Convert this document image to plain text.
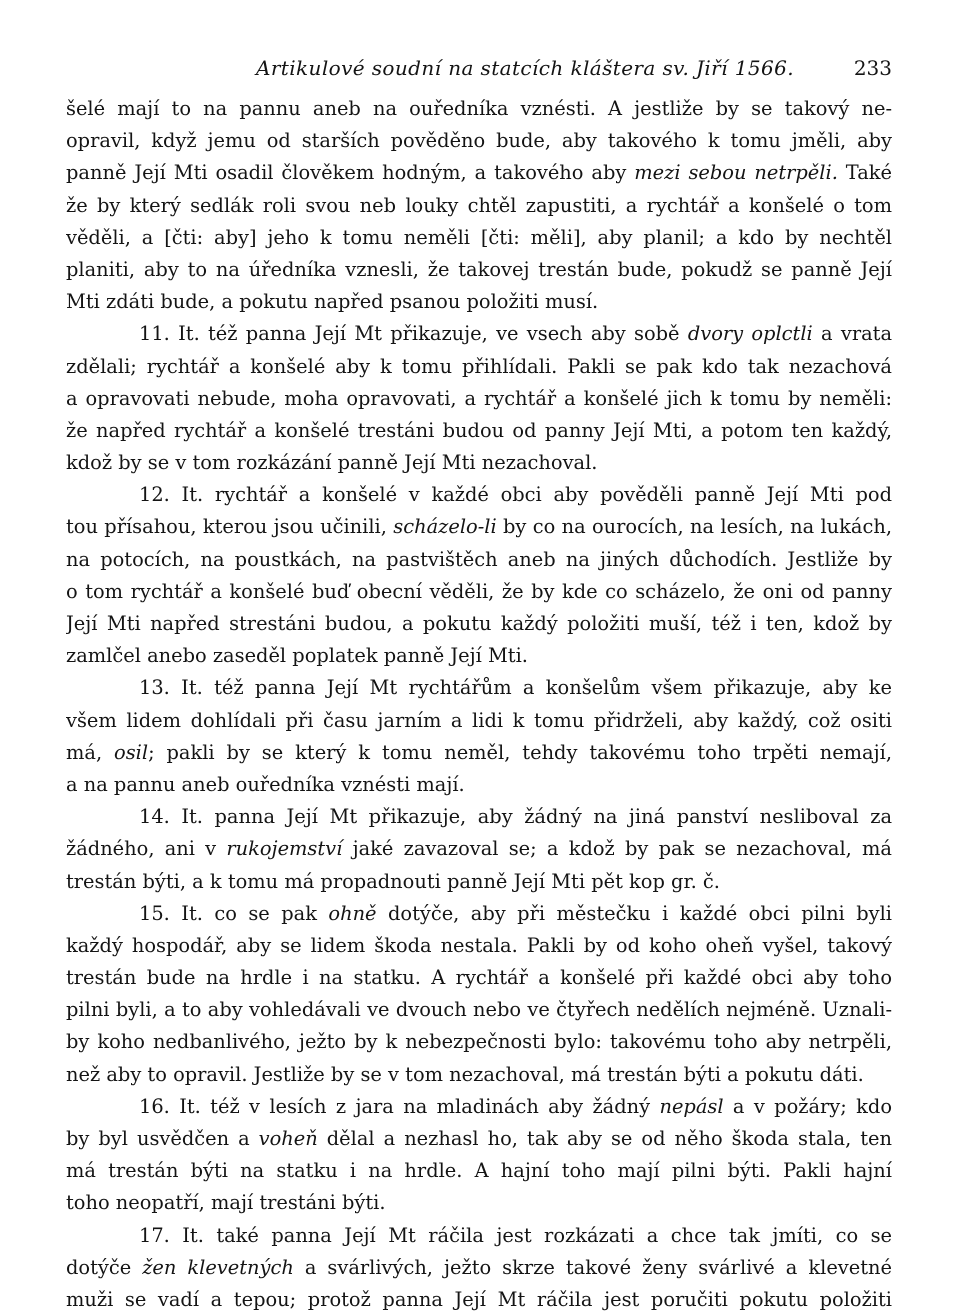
Artikulové soudní na statcích kláštera sv. Jiří 1566.	233
šelé mají to na pannu aneb na ouředníka vznésti. A jestliže by se takový ne-
opravil, když jemu od starších pověděno bude, aby takového k tomu jměli, aby
panně Její Mti osadil člověkem hodným, a takového aby mezi sebou netrpěli. Také
že by který sedlák roli svou neb louky chtěl zapustiti, a rychtář a konšelé o tom
věděli, a [čti: aby] jeho k tomu neměli [čti: měli], aby planil; a kdo by nechtěl
planiti, aby to na úředníka vznesli, že takovej trestán bude, pokudž se panně Její
Mti zdáti bude, a pokutu napřed psanou položiti musí.
11. It. též panna Její Mt přikazuje, ve vsech aby sobě dvory oplctli a vrata
zdělali; rychtář a konšelé aby k tomu přihlídali. Pakli se pak kdo tak nezachová
a opravovati nebude, moha opravovati, a rychtář a konšelé jich k tomu by neměli:
že napřed rychtář a konšelé trestáni budou od panny Její Mti, a potom ten každý,
kdož by se v tom rozkázání panně Její Mti nezachoval.
12. It. rychtář a konšelé v každé obci aby pověděli panně Její Mti pod
tou přísahou, kterou jsou učinili, scházelo-li by co na ourocích, na lesích, na lukách,
na potocích, na poustkách, na pastvištěch aneb na jiných důchodích. Jestliže by
o tom rychtář a konšelé buď obecní věděli, že by kde co scházelo, že oni od panny
Její Mti napřed strestáni budou, a pokutu každý položiti muší, též i ten, kdož by
zamlčel anebo zaseděl poplatek panně Její Mti.
13. It. též panna Její Mt rychtářům a konšelům všem přikazuje, aby ke
všem lidem dohlídali při času jarním a lidi k tomu přidrželi, aby každý, což ositi
má, osil; pakli by se který k tomu neměl, tehdy takovému toho trpěti nemají,
a na pannu aneb ouředníka vznésti mají.
14. It. panna Její Mt přikazuje, aby žádný na jiná panství nesliboval za
žádného, ani v rukojemství jaké zavazoval se; a kdož by pak se nezachoval, má
trestán býti, a k tomu má propadnouti panně Její Mti pět kop gr. č.
15. It. co se pak ohně dotýče, aby při městečku i každé obci pilni byli
každý hospodář, aby se lidem škoda nestala. Pakli by od koho oheň vyšel, takový
trestán bude na hrdle i na statku. A rychtář a konšelé při každé obci aby toho
pilni byli, a to aby vohledávali ve dvouch nebo ve čtyřech nedělích nejméně. Uznali-
by koho nedbanlivého, ježto by k nebezpečnosti bylo: takovému toho aby netrpěli,
než aby to opravil. Jestliže by se v tom nezachoval, má trestán býti a pokutu dáti.
16. It. též v lesích z jara na mladinách aby žádný nepásl a v požáry; kdo
by byl usvědčen a voheň dělal a nezhasl ho, tak aby se od něho škoda stala, ten
má trestán býti na statku i na hrdle. A hajní toho mají pilni býti. Pakli hajní
toho neopatří, mají trestáni býti.
17. It. také panna Její Mt ráčila jest rozkázati a chce tak jmíti, co se
dotýče žen klevetných a svárlivých, ježto skrze takové ženy svárlivé a klevetné
muži se vadí a tepou; protož panna Její Mt ráčila jest poručiti pokutu položiti
